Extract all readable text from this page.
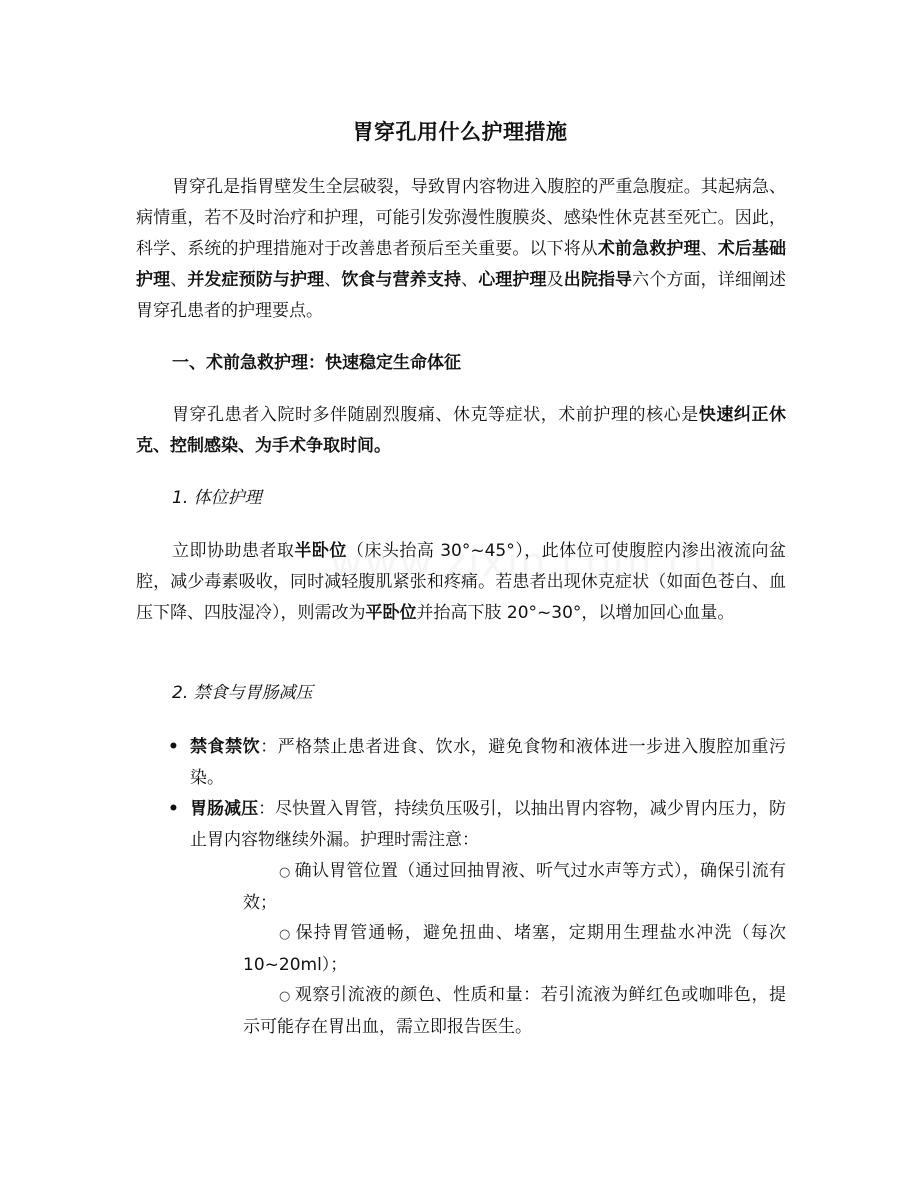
胃穿孔用什么护理措施

胃穿孔是指胃壁发生全层破裂，导致胃内容物进入腹腔的严重急腹症。其起病急、病情重，若不及时治疗和护理，可能引发弥漫性腹膜炎、感染性休克甚至死亡。因此，科学、系统的护理措施对于改善患者预后至关重要。以下将从术前急救护理、术后基础护理、并发症预防与护理、饮食与营养支持、心理护理及出院指导六个方面，详细阐述胃穿孔患者的护理要点。

一、术前急救护理：快速稳定生命体征

胃穿孔患者入院时多伴随剧烈腹痛、休克等症状，术前护理的核心是快速纠正休克、控制感染、为手术争取时间。

1. 体位护理

立即协助患者取半卧位（床头抬高 30°~45°），此体位可使腹腔内渗出液流向盆腔，减少毒素吸收，同时减轻腹肌紧张和疼痛。若患者出现休克症状（如面色苍白、血压下降、四肢湿冷），则需改为平卧位并抬高下肢 20°~30°，以增加回心血量。

2. 禁食与胃肠减压

• 禁食禁饮：严格禁止患者进食、饮水，避免食物和液体进一步进入腹腔加重污染。

• 胃肠减压：尽快置入胃管，持续负压吸引，以抽出胃内容物，减少胃内压力，防止胃内容物继续外漏。护理时需注意：

○ 确认胃管位置（通过回抽胃液、听气过水声等方式），确保引流有效；

○ 保持胃管通畅，避免扭曲、堵塞，定期用生理盐水冲洗（每次 10~20ml）；

○ 观察引流液的颜色、性质和量：若引流液为鲜红色或咖啡色，提示可能存在胃出血，需立即报告医生。
